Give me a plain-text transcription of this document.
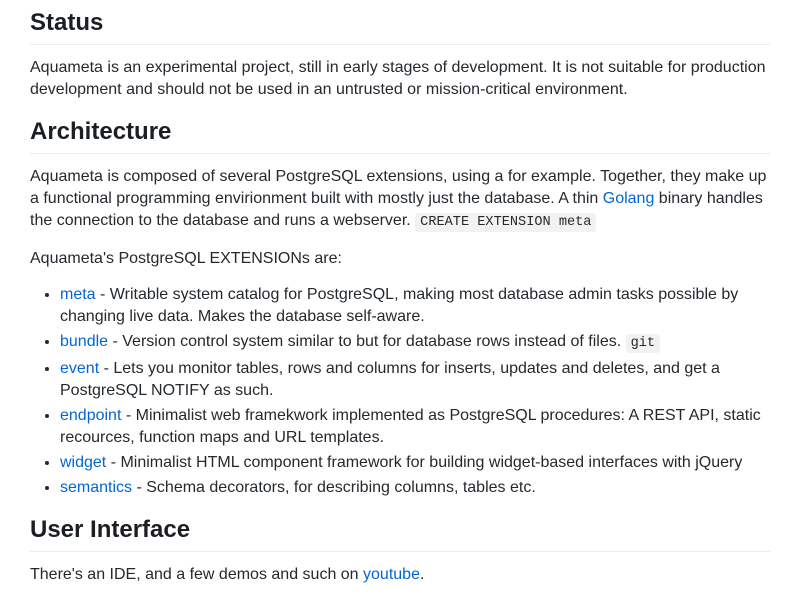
Status

Aquameta is an experimental project, still in early stages of development. It is not suitable for production development and should not be used in an untrusted or mission-critical environment.

Architecture

Aquameta is composed of several PostgreSQL extensions, using a for example. Together, they make up a functional programming envirionment built with mostly just the database. A thin Golang binary handles the connection to the database and runs a webserver. CREATE EXTENSION meta

Aquameta's PostgreSQL EXTENSIONs are:

• meta - Writable system catalog for PostgreSQL, making most database admin tasks possible by changing live data. Makes the database self-aware.
• bundle - Version control system similar to but for database rows instead of files. git
• event - Lets you monitor tables, rows and columns for inserts, updates and deletes, and get a PostgreSQL NOTIFY as such.
• endpoint - Minimalist web framekwork implemented as PostgreSQL procedures: A REST API, static recources, function maps and URL templates.
• widget - Minimalist HTML component framework for building widget-based interfaces with jQuery
• semantics - Schema decorators, for describing columns, tables etc.
User Interface

There's an IDE, and a few demos and such on youtube.
